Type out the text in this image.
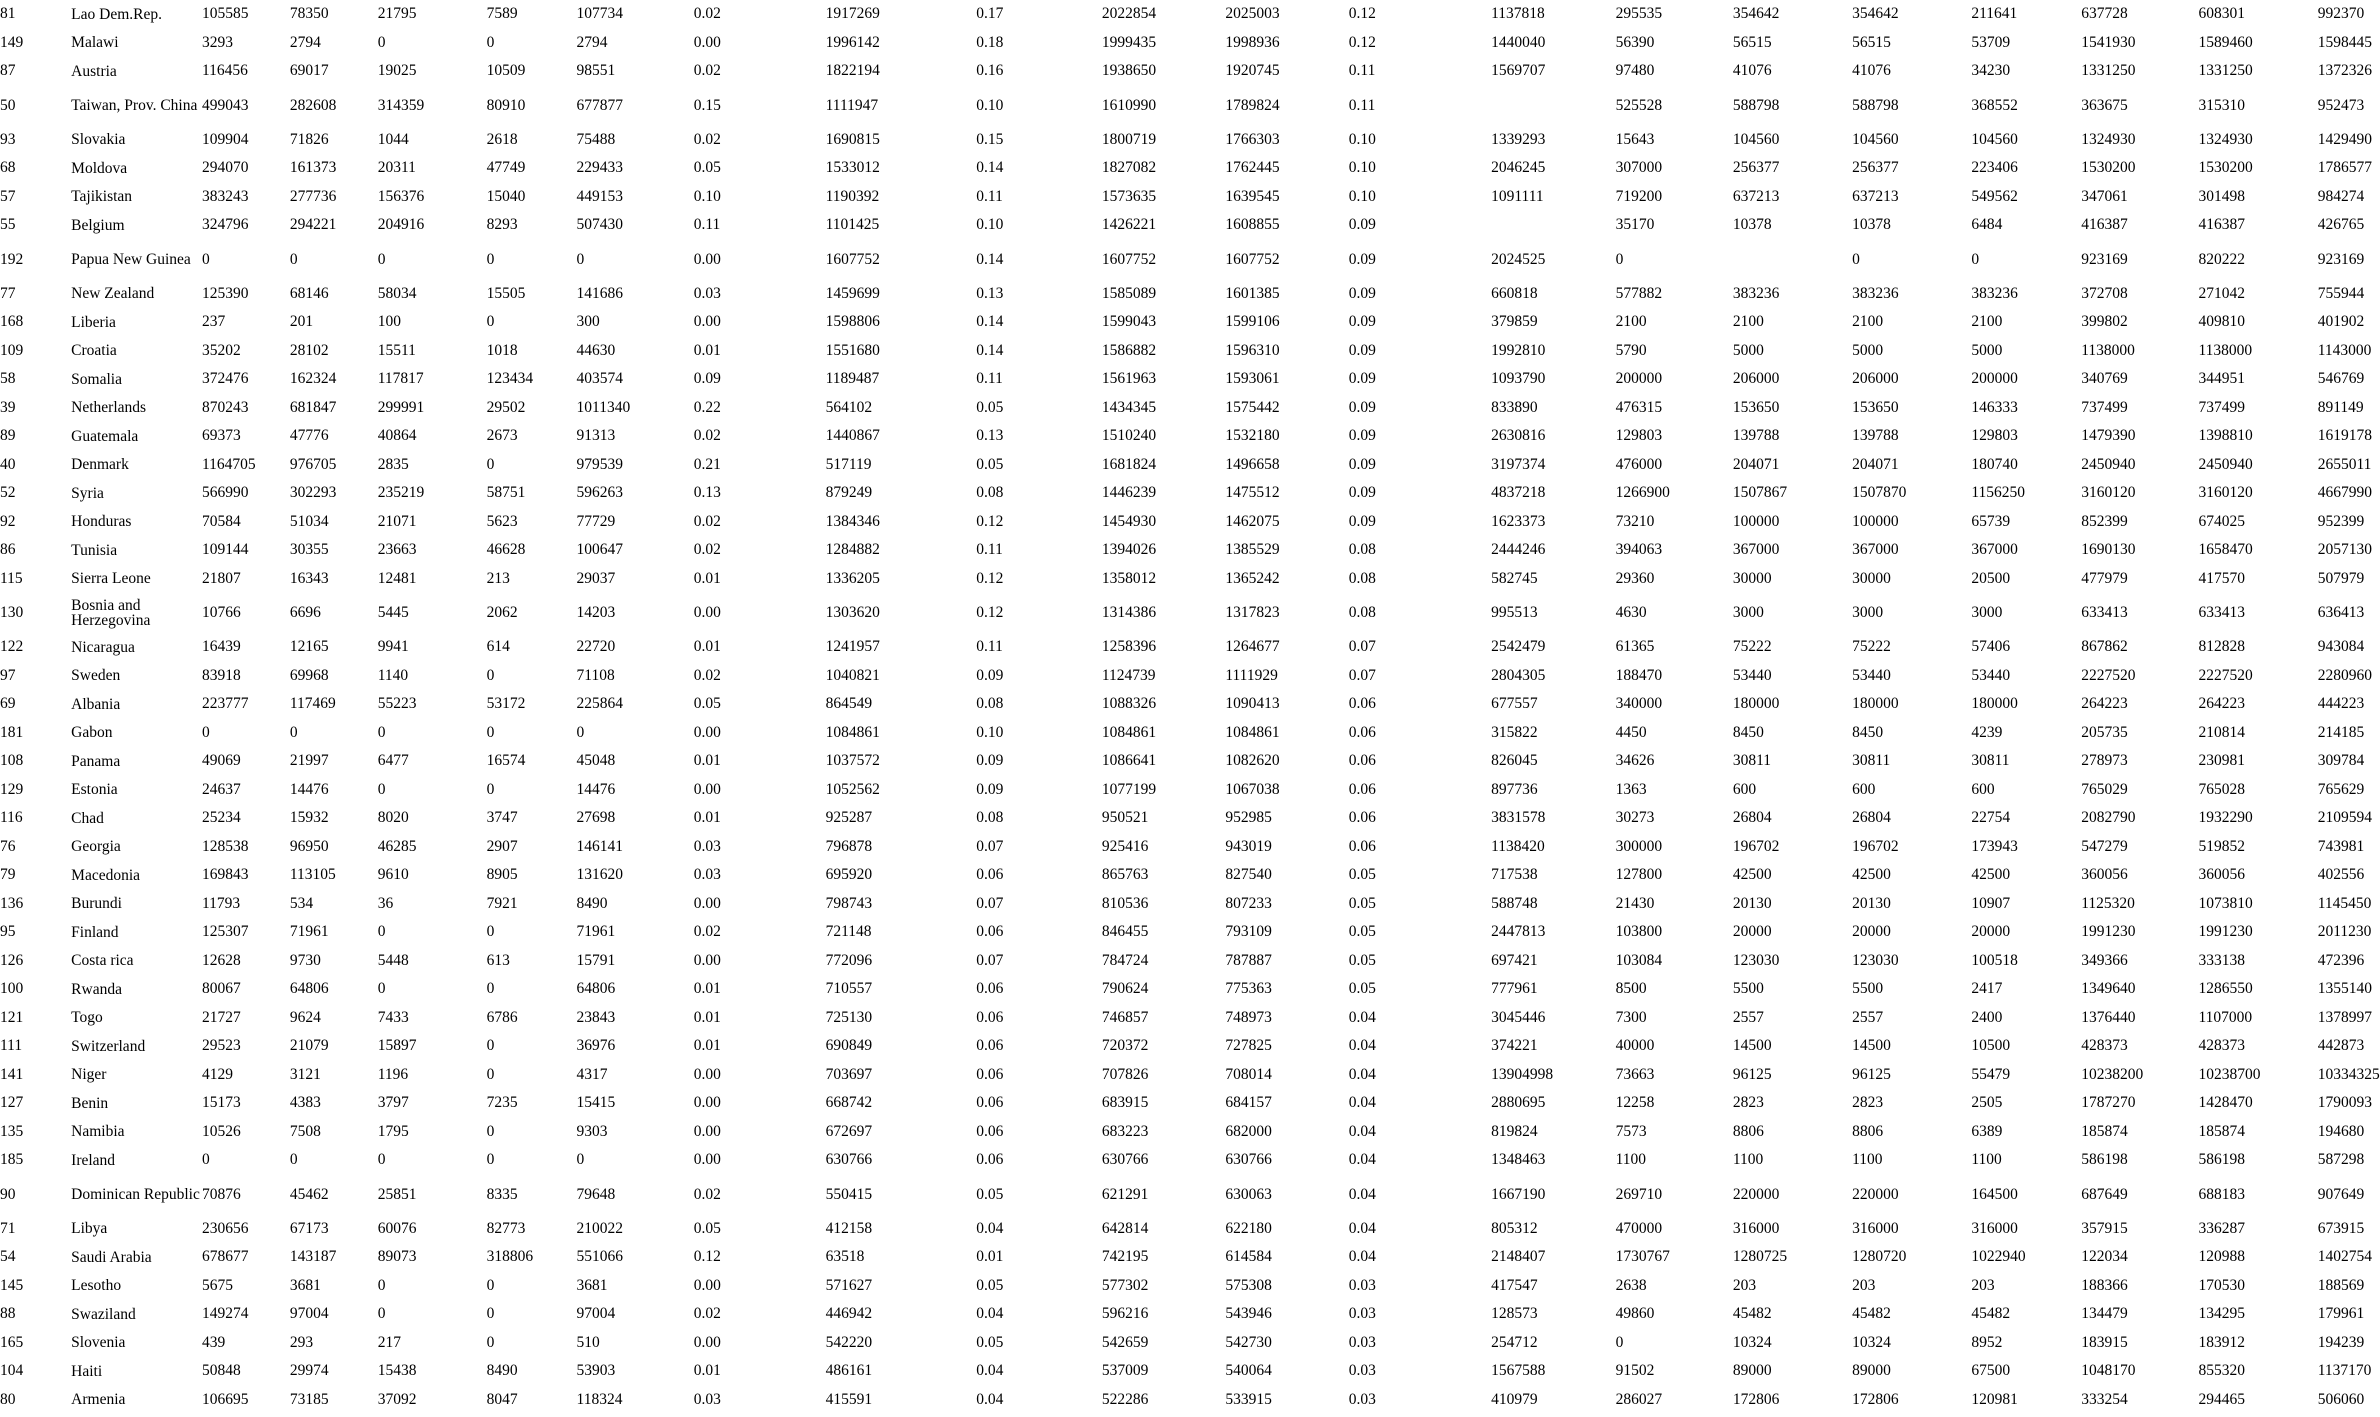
81	Lao Dem.Rep.	105585	78350	21795	7589	107734	0.02	1917269	0.17	2022854	2025003	0.12	1137818	295535	354642	354642	211641	637728	608301	992370
149	Malawi	3293	2794	0	0	2794	0.00	1996142	0.18	1999435	1998936	0.12	1440040	56390	56515	56515	53709	1541930	1589460	1598445
87	Austria	116456	69017	19025	10509	98551	0.02	1822194	0.16	1938650	1920745	0.11	1569707	97480	41076	41076	34230	1331250	1331250	1372326
50	Taiwan, Prov. China	499043	282608	314359	80910	677877	0.15	1111947	0.10	1610990	1789824	0.11		525528	588798	588798	368552	363675	315310	952473
93	Slovakia	109904	71826	1044	2618	75488	0.02	1690815	0.15	1800719	1766303	0.10	1339293	15643	104560	104560	104560	1324930	1324930	1429490
68	Moldova	294070	161373	20311	47749	229433	0.05	1533012	0.14	1827082	1762445	0.10	2046245	307000	256377	256377	223406	1530200	1530200	1786577
57	Tajikistan	383243	277736	156376	15040	449153	0.10	1190392	0.11	1573635	1639545	0.10	1091111	719200	637213	637213	549562	347061	301498	984274
55	Belgium	324796	294221	204916	8293	507430	0.11	1101425	0.10	1426221	1608855	0.09		35170	10378	10378	6484	416387	416387	426765
192	Papua New Guinea	0	0	0	0	0	0.00	1607752	0.14	1607752	1607752	0.09	2024525	0		0	0	923169	820222	923169
77	New Zealand	125390	68146	58034	15505	141686	0.03	1459699	0.13	1585089	1601385	0.09	660818	577882	383236	383236	383236	372708	271042	755944
168	Liberia	237	201	100	0	300	0.00	1598806	0.14	1599043	1599106	0.09	379859	2100	2100	2100	2100	399802	409810	401902
109	Croatia	35202	28102	15511	1018	44630	0.01	1551680	0.14	1586882	1596310	0.09	1992810	5790	5000	5000	5000	1138000	1138000	1143000
58	Somalia	372476	162324	117817	123434	403574	0.09	1189487	0.11	1561963	1593061	0.09	1093790	200000	206000	206000	200000	340769	344951	546769
39	Netherlands	870243	681847	299991	29502	1011340	0.22	564102	0.05	1434345	1575442	0.09	833890	476315	153650	153650	146333	737499	737499	891149
89	Guatemala	69373	47776	40864	2673	91313	0.02	1440867	0.13	1510240	1532180	0.09	2630816	129803	139788	139788	129803	1479390	1398810	1619178
40	Denmark	1164705	976705	2835	0	979539	0.21	517119	0.05	1681824	1496658	0.09	3197374	476000	204071	204071	180740	2450940	2450940	2655011
52	Syria	566990	302293	235219	58751	596263	0.13	879249	0.08	1446239	1475512	0.09	4837218	1266900	1507867	1507870	1156250	3160120	3160120	4667990
92	Honduras	70584	51034	21071	5623	77729	0.02	1384346	0.12	1454930	1462075	0.09	1623373	73210	100000	100000	65739	852399	674025	952399
86	Tunisia	109144	30355	23663	46628	100647	0.02	1284882	0.11	1394026	1385529	0.08	2444246	394063	367000	367000	367000	1690130	1658470	2057130
115	Sierra Leone	21807	16343	12481	213	29037	0.01	1336205	0.12	1358012	1365242	0.08	582745	29360	30000	30000	20500	477979	417570	507979
130	Bosnia and Herzegovina	10766	6696	5445	2062	14203	0.00	1303620	0.12	1314386	1317823	0.08	995513	4630	3000	3000	3000	633413	633413	636413
122	Nicaragua	16439	12165	9941	614	22720	0.01	1241957	0.11	1258396	1264677	0.07	2542479	61365	75222	75222	57406	867862	812828	943084
97	Sweden	83918	69968	1140	0	71108	0.02	1040821	0.09	1124739	1111929	0.07	2804305	188470	53440	53440	53440	2227520	2227520	2280960
69	Albania	223777	117469	55223	53172	225864	0.05	864549	0.08	1088326	1090413	0.06	677557	340000	180000	180000	180000	264223	264223	444223
181	Gabon	0	0	0	0	0	0.00	1084861	0.10	1084861	1084861	0.06	315822	4450	8450	8450	4239	205735	210814	214185
108	Panama	49069	21997	6477	16574	45048	0.01	1037572	0.09	1086641	1082620	0.06	826045	34626	30811	30811	30811	278973	230981	309784
129	Estonia	24637	14476	0	0	14476	0.00	1052562	0.09	1077199	1067038	0.06	897736	1363	600	600	600	765029	765028	765629
116	Chad	25234	15932	8020	3747	27698	0.01	925287	0.08	950521	952985	0.06	3831578	30273	26804	26804	22754	2082790	1932290	2109594
76	Georgia	128538	96950	46285	2907	146141	0.03	796878	0.07	925416	943019	0.06	1138420	300000	196702	196702	173943	547279	519852	743981
79	Macedonia	169843	113105	9610	8905	131620	0.03	695920	0.06	865763	827540	0.05	717538	127800	42500	42500	42500	360056	360056	402556
136	Burundi	11793	534	36	7921	8490	0.00	798743	0.07	810536	807233	0.05	588748	21430	20130	20130	10907	1125320	1073810	1145450
95	Finland	125307	71961	0	0	71961	0.02	721148	0.06	846455	793109	0.05	2447813	103800	20000	20000	20000	1991230	1991230	2011230
126	Costa rica	12628	9730	5448	613	15791	0.00	772096	0.07	784724	787887	0.05	697421	103084	123030	123030	100518	349366	333138	472396
100	Rwanda	80067	64806	0	0	64806	0.01	710557	0.06	790624	775363	0.05	777961	8500	5500	5500	2417	1349640	1286550	1355140
121	Togo	21727	9624	7433	6786	23843	0.01	725130	0.06	746857	748973	0.04	3045446	7300	2557	2557	2400	1376440	1107000	1378997
111	Switzerland	29523	21079	15897	0	36976	0.01	690849	0.06	720372	727825	0.04	374221	40000	14500	14500	10500	428373	428373	442873
141	Niger	4129	3121	1196	0	4317	0.00	703697	0.06	707826	708014	0.04	13904998	73663	96125	96125	55479	10238200	10238700	10334325
127	Benin	15173	4383	3797	7235	15415	0.00	668742	0.06	683915	684157	0.04	2880695	12258	2823	2823	2505	1787270	1428470	1790093
135	Namibia	10526	7508	1795	0	9303	0.00	672697	0.06	683223	682000	0.04	819824	7573	8806	8806	6389	185874	185874	194680
185	Ireland	0	0	0	0	0	0.00	630766	0.06	630766	630766	0.04	1348463	1100	1100	1100	1100	586198	586198	587298
90	Dominican Republic	70876	45462	25851	8335	79648	0.02	550415	0.05	621291	630063	0.04	1667190	269710	220000	220000	164500	687649	688183	907649
71	Libya	230656	67173	60076	82773	210022	0.05	412158	0.04	642814	622180	0.04	805312	470000	316000	316000	316000	357915	336287	673915
54	Saudi Arabia	678677	143187	89073	318806	551066	0.12	63518	0.01	742195	614584	0.04	2148407	1730767	1280725	1280720	1022940	122034	120988	1402754
145	Lesotho	5675	3681	0	0	3681	0.00	571627	0.05	577302	575308	0.03	417547	2638	203	203	203	188366	170530	188569
88	Swaziland	149274	97004	0	0	97004	0.02	446942	0.04	596216	543946	0.03	128573	49860	45482	45482	45482	134479	134295	179961
165	Slovenia	439	293	217	0	510	0.00	542220	0.05	542659	542730	0.03	254712	0	10324	10324	8952	183915	183912	194239
104	Haiti	50848	29974	15438	8490	53903	0.01	486161	0.04	537009	540064	0.03	1567588	91502	89000	89000	67500	1048170	855320	1137170
80	Armenia	106695	73185	37092	8047	118324	0.03	415591	0.04	522286	533915	0.03	410979	286027	172806	172806	120981	333254	294465	506060
